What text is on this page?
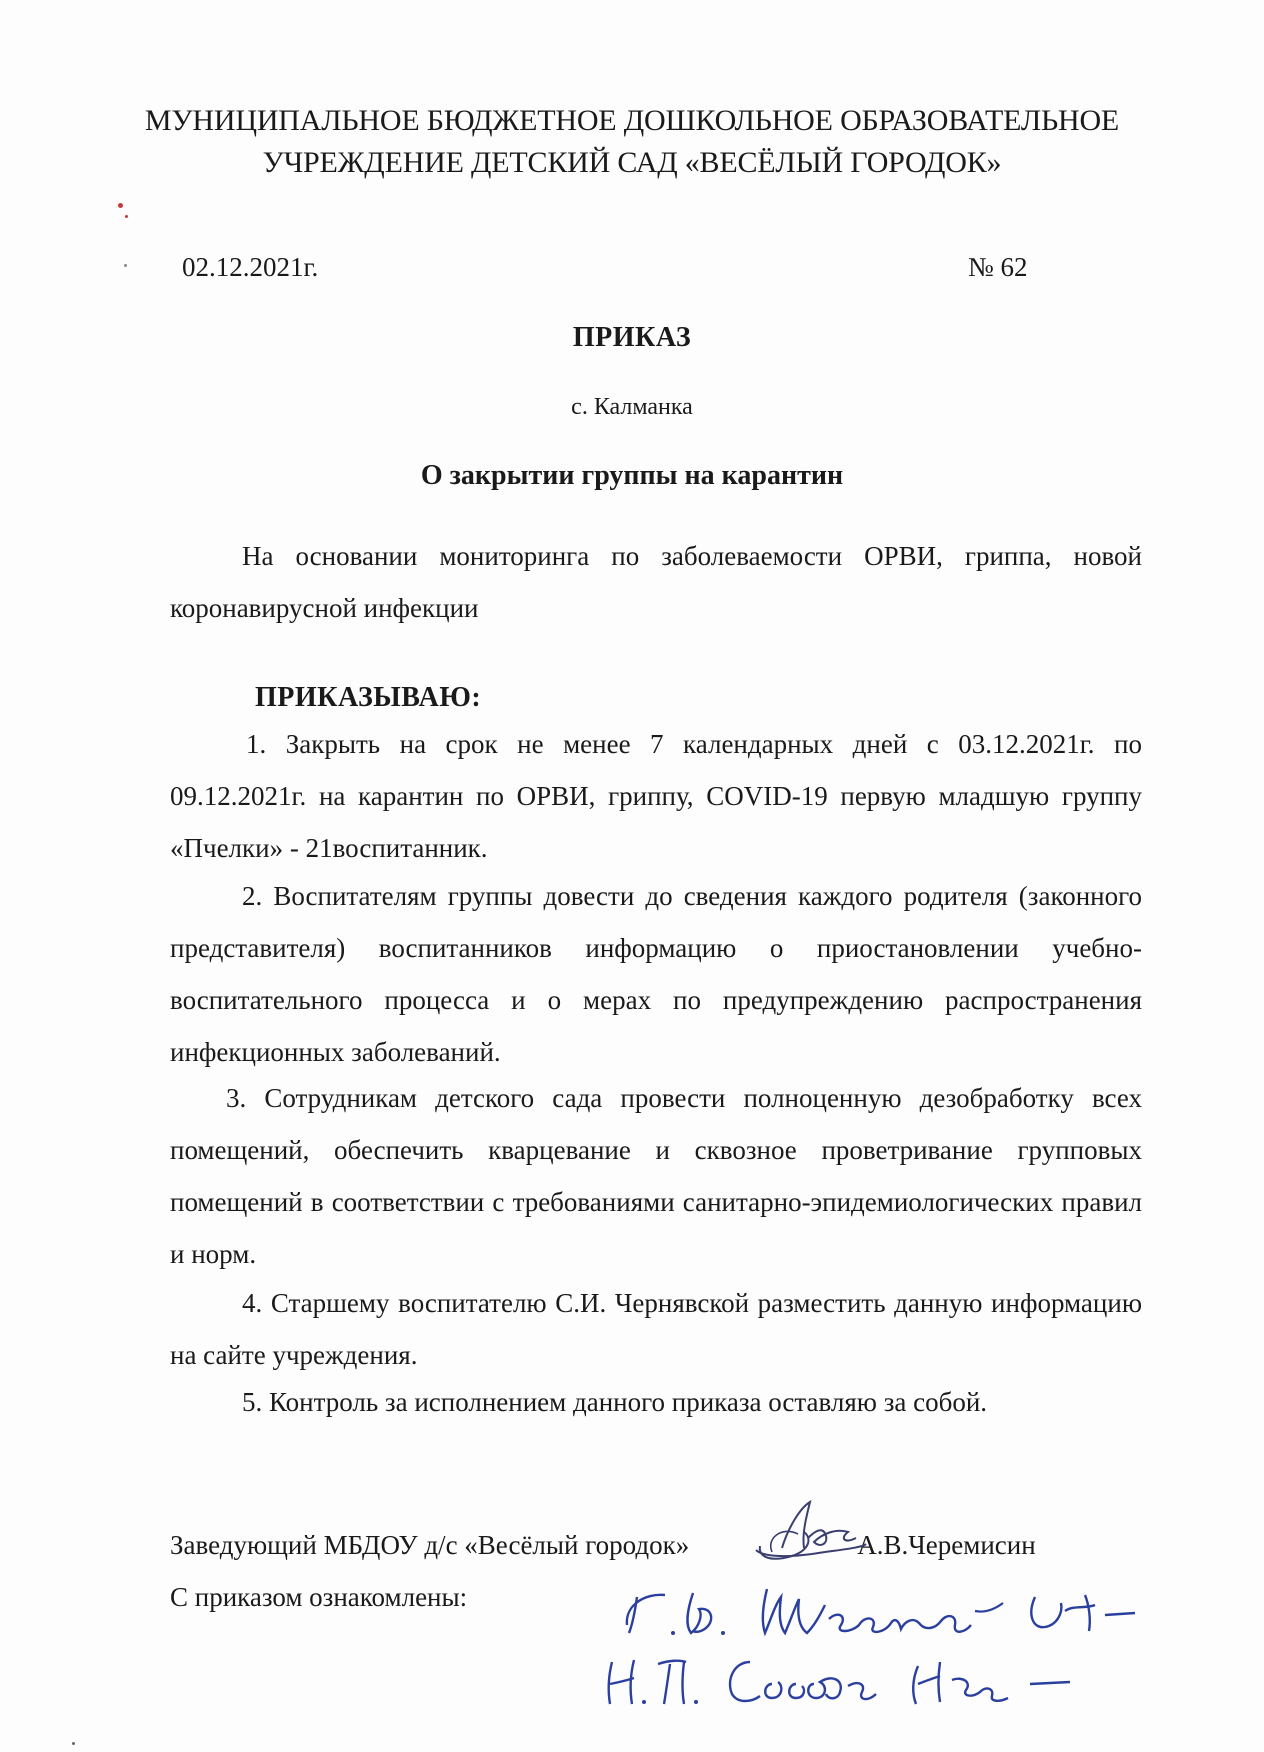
МУНИЦИПАЛЬНОЕ БЮДЖЕТНОЕ ДОШКОЛЬНОЕ ОБРАЗОВАТЕЛЬНОЕ
УЧРЕЖДЕНИЕ ДЕТСКИЙ САД «ВЕСЁЛЫЙ ГОРОДОК»
02.12.2021г.	№ 62
ПРИКАЗ
с. Калманка
О закрытии группы на карантин
На основании мониторинга по заболеваемости ОРВИ, гриппа, новой коронавирусной инфекции
ПРИКАЗЫВАЮ:
1. Закрыть на срок не менее 7 календарных дней с 03.12.2021г. по 09.12.2021г. на карантин по ОРВИ, гриппу, COVID-19 первую младшую группу «Пчелки» - 21воспитанник.
2. Воспитателям группы довести до сведения каждого родителя (законного представителя) воспитанников информацию о приостановлении учебно-воспитательного процесса и о мерах по предупреждению распространения инфекционных заболеваний.
3. Сотрудникам детского сада провести полноценную дезобработку всех помещений, обеспечить кварцевание и сквозное проветривание групповых помещений в соответствии с требованиями санитарно-эпидемиологических правил и норм.
4. Старшему воспитателю С.И. Чернявской разместить данную информацию на сайте учреждения.
5. Контроль за исполнением данного приказа оставляю за собой.
Заведующий МБДОУ д/с «Весёлый городок»	А.В.Черемисин
С приказом ознакомлены:
